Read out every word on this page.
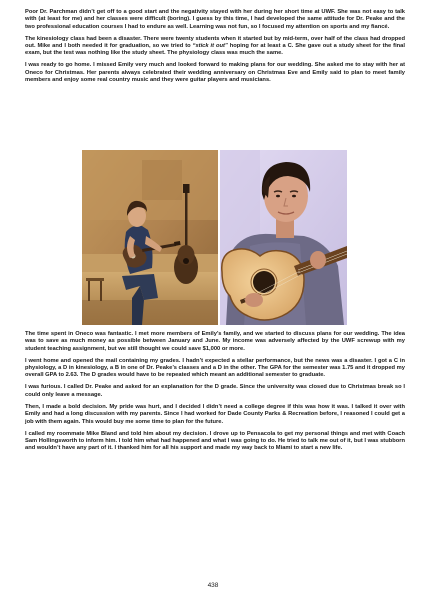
Poor Dr. Parchman didn’t get off to a good start and the negativity stayed with her during her short time at UWF. She was not easy to talk with (at least for me) and her classes were difficult (boring). I guess by this time, I had developed the same attitude for Dr. Peake and the two professional education courses I had to endure as well. Learning was not fun, so I focused my attention on sports and my fiancé.

The kinesiology class had been a disaster. There were twenty students when it started but by mid-term, over half of the class had dropped out. Mike and I both needed it for graduation, so we tried to “stick it out” hoping for at least a C. She gave out a study sheet for the final exam, but the test was nothing like the study sheet. The physiology class was much the same.

I was ready to go home. I missed Emily very much and looked forward to making plans for our wedding. She asked me to stay with her at Oneco for Christmas. Her parents always celebrated their wedding anniversary on Christmas Eve and Emily said to plan to meet family members and enjoy some real country music and they were guitar players and musicians.

The time spent in Oneco was fantastic. I met more members of Emily’s family, and we started to discuss plans for our wedding. The idea was to save as much money as possible between January and June. My income was adversely affected by the UWF screwup with my student teaching assignment, but we still thought we could save $1,000 or more.

I went home and opened the mail containing my grades. I hadn’t expected a stellar performance, but the news was a disaster. I got a C in physiology, a D in kinesiology, a B in one of Dr. Peake’s classes and a D in the other. The GPA for the semester was 1.75 and it dropped my overall GPA to 2.63. The D grades would have to be repeated which meant an additional semester to graduate.

I was furious. I called Dr. Peake and asked for an explanation for the D grade. Since the university was closed due to Christmas break so I could only leave a message.

Then, I made a bold decision. My pride was hurt, and I decided I didn’t need a college degree if this was how it was. I talked it over with Emily and had a long discussion with my parents. Since I had worked for Dade County Parks & Recreation before, I reasoned I could get a job with them again. This would buy me some time to plan for the future.

I called my roommate Mike Bland and told him about my decision. I drove up to Pensacola to get my personal things and met with Coach Sam Hollingsworth to inform him. I told him what had happened and what I was going to do. He tried to talk me out of it, but I was stubborn and wouldn’t have any part of it. I thanked him for all his support and made my way back to Miami to start a new life.

438
